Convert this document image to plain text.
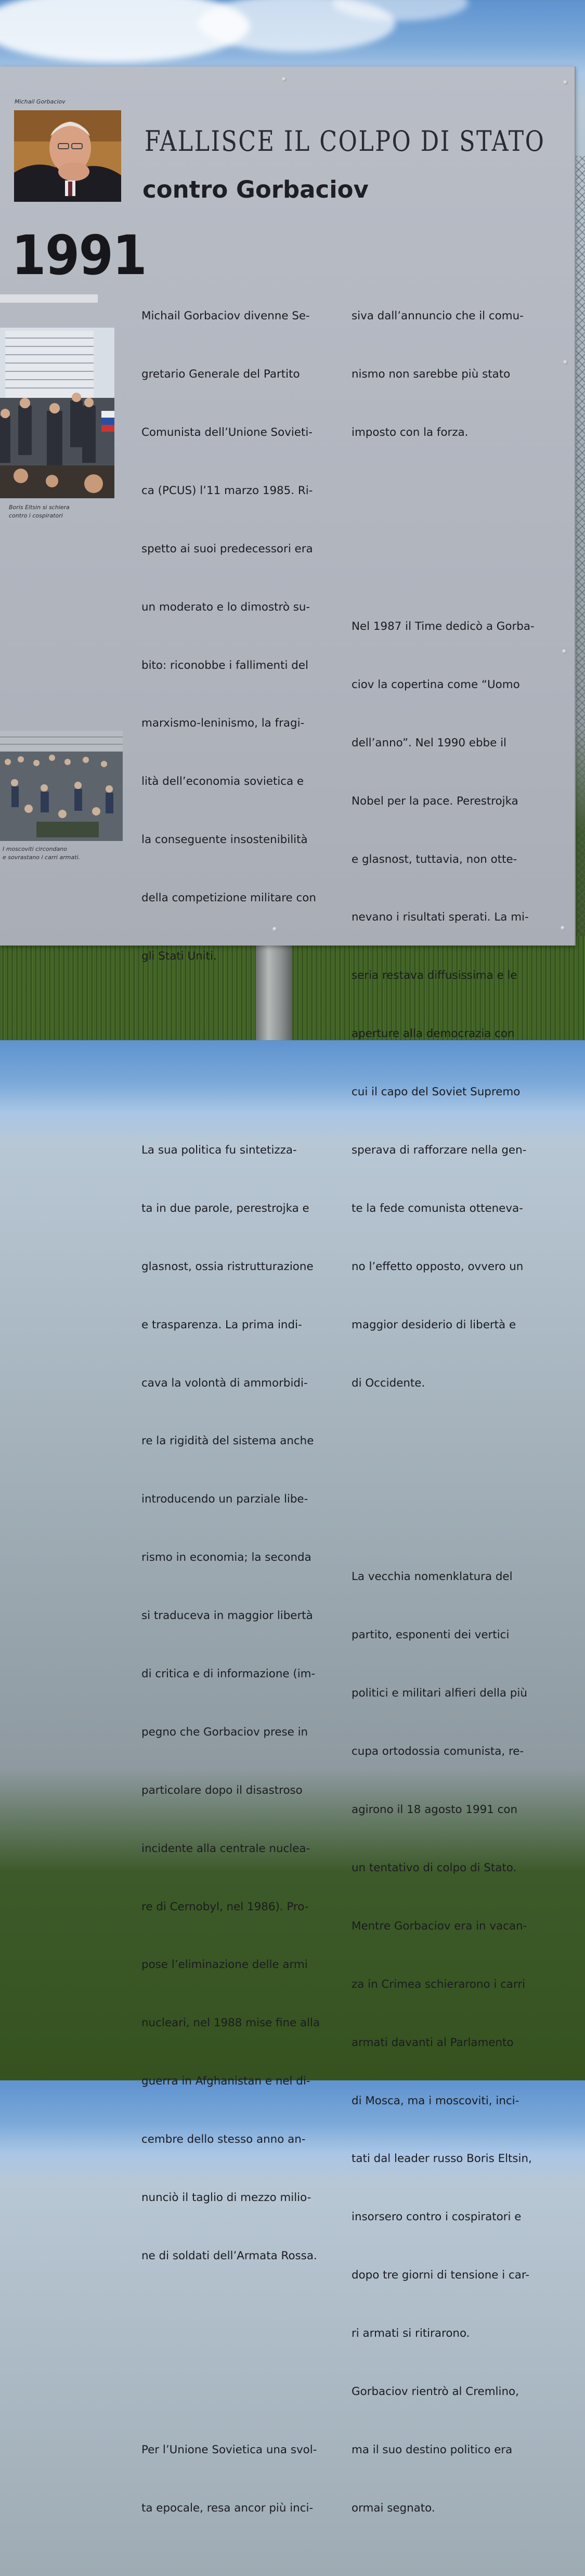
Michail Gorbaciov
FALLISCE IL COLPO DI STATO
contro Gorbaciov
1991
Boris Eltsin si schiera
contro i cospiratori
I moscoviti circondano
e sovrastano i carri armati.

Michail Gorbaciov divenne Se-

gretario Generale del Partito

Comunista dell’Unione Sovieti-

ca (PCUS) l’11 marzo 1985. Ri-

spetto ai suoi predecessori era

un moderato e lo dimostrò su-

bito: riconobbe i fallimenti del

marxismo-leninismo, la fragi-

lità dell’economia sovietica e

la conseguente insostenibilità

della competizione militare con

gli Stati Uniti.

La sua politica fu sintetizza-

ta in due parole, perestrojka e

glasnost, ossia ristrutturazione

e trasparenza. La prima indi-

cava la volontà di ammorbidi-

re la rigidità del sistema anche

introducendo un parziale libe-

rismo in economia; la seconda

si traduceva in maggior libertà

di critica e di informazione (im-

pegno che Gorbaciov prese in

particolare dopo il disastroso

incidente alla centrale nuclea-

re di Cernobyl, nel 1986). Pro-

pose l’eliminazione delle armi

nucleari, nel 1988 mise fine alla

guerra in Afghanistan e nel di-

cembre dello stesso anno an-

nunciò il taglio di mezzo milio-

ne di soldati dell’Armata Rossa.

Per l’Unione Sovietica una svol-

ta epocale, resa ancor più inci-

siva dall’annuncio che il comu-

nismo non sarebbe più stato

imposto con la forza.

Nel 1987 il Time dedicò a Gorba-

ciov la copertina come “Uomo

dell’anno”. Nel 1990 ebbe il

Nobel per la pace. Perestrojka

e glasnost, tuttavia, non otte-

nevano i risultati sperati. La mi-

seria restava diffusissima e le

aperture alla democrazia con

cui il capo del Soviet Supremo

sperava di rafforzare nella gen-

te la fede comunista otteneva-

no l’effetto opposto, ovvero un

maggior desiderio di libertà e

di Occidente.

La vecchia nomenklatura del

partito, esponenti dei vertici

politici e militari alfieri della più

cupa ortodossia comunista, re-

agirono il 18 agosto 1991 con

un tentativo di colpo di Stato.

Mentre Gorbaciov era in vacan-

za in Crimea schierarono i carri

armati davanti al Parlamento

di Mosca, ma i moscoviti, inci-

tati dal leader russo Boris Eltsin,

insorsero contro i cospiratori e

dopo tre giorni di tensione i car-

ri armati si ritirarono.

Gorbaciov rientrò al Cremlino,

ma il suo destino politico era

ormai segnato.
